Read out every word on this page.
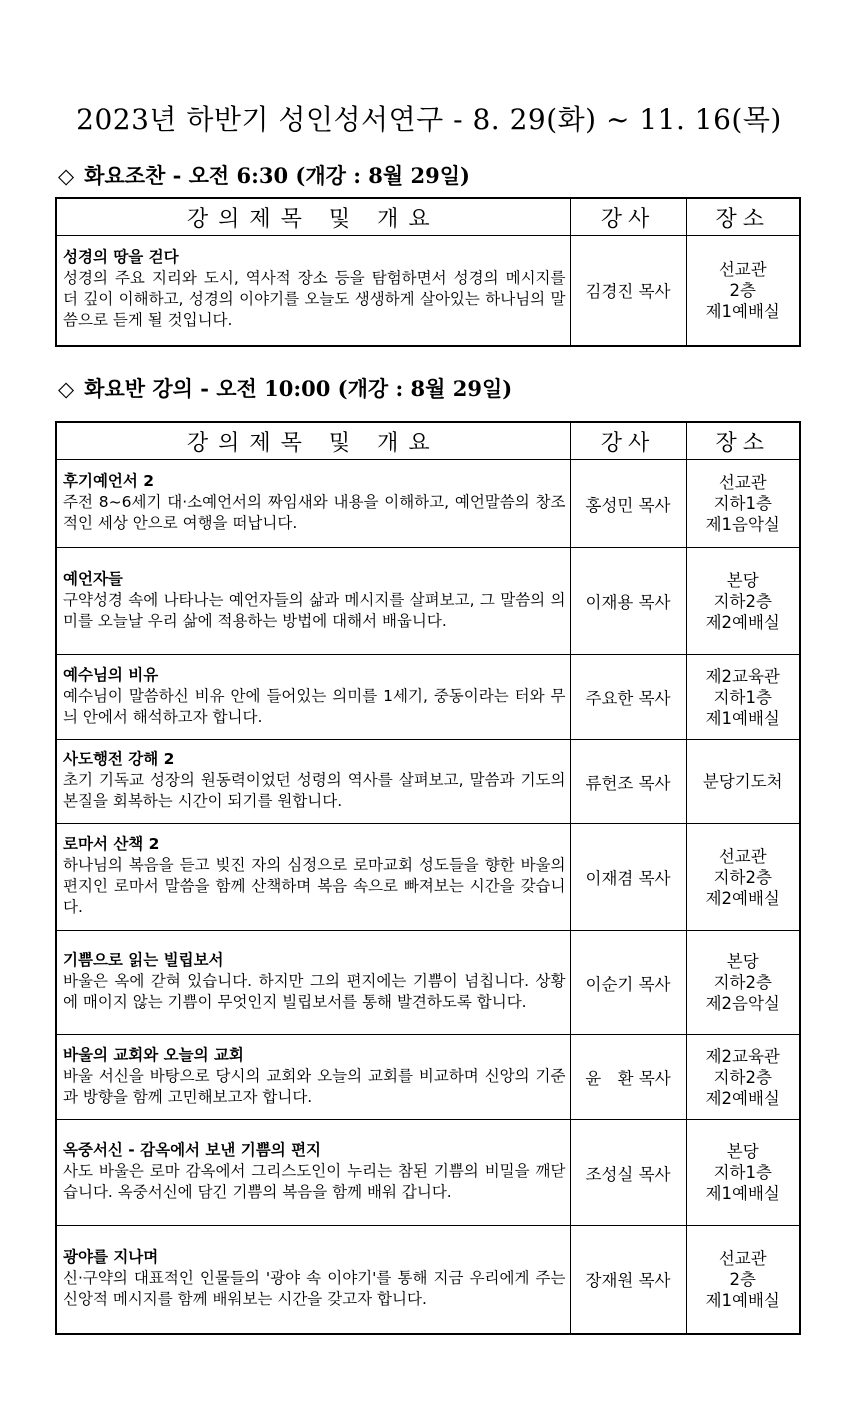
2023년 하반기 성인성서연구 - 8. 29(화) ~ 11. 16(목)
◇ 화요조찬 - 오전 6:30 (개강 : 8월 29일)
강의제목 및 개요	강사	장소

성경의 땅을 걷다
성경의 주요 지리와 도시, 역사적 장소 등을 탐험하면서 성경의 메시지를 더 깊이 이해하고, 성경의 이야기를 오늘도 생생하게 살아있는 하나님의 말씀으로 듣게 될 것입니다.	김경진 목사	선교관
2층
제1예배실
◇ 화요반 강의 - 오전 10:00 (개강 : 8월 29일)
강의제목 및 개요	강사	장소

후기예언서 2
주전 8~6세기 대·소예언서의 짜임새와 내용을 이해하고, 예언말씀의 창조적인 세상 안으로 여행을 떠납니다.	홍성민 목사	선교관
지하1층
제1음악실

예언자들
구약성경 속에 나타나는 예언자들의 삶과 메시지를 살펴보고, 그 말씀의 의미를 오늘날 우리 삶에 적용하는 방법에 대해서 배웁니다.	이재용 목사	본당
지하2층
제2예배실

예수님의 비유
예수님이 말씀하신 비유 안에 들어있는 의미를 1세기, 중동이라는 터와 무늬 안에서 해석하고자 합니다.	주요한 목사	제2교육관
지하1층
제1예배실

사도행전 강해 2
초기 기독교 성장의 원동력이었던 성령의 역사를 살펴보고, 말씀과 기도의 본질을 회복하는 시간이 되기를 원합니다.	류헌조 목사	분당기도처

로마서 산책 2
하나님의 복음을 듣고 빚진 자의 심정으로 로마교회 성도들을 향한 바울의 편지인 로마서 말씀을 함께 산책하며 복음 속으로 빠져보는 시간을 갖습니다.	이재겸 목사	선교관
지하2층
제2예배실

기쁨으로 읽는 빌립보서
바울은 옥에 갇혀 있습니다. 하지만 그의 편지에는 기쁨이 넘칩니다. 상황에 매이지 않는 기쁨이 무엇인지 빌립보서를 통해 발견하도록 합니다.	이순기 목사	본당
지하2층
제2음악실

바울의 교회와 오늘의 교회
바울 서신을 바탕으로 당시의 교회와 오늘의 교회를 비교하며 신앙의 기준과 방향을 함께 고민해보고자 합니다.	윤　환 목사	제2교육관
지하2층
제2예배실

옥중서신 - 감옥에서 보낸 기쁨의 편지
사도 바울은 로마 감옥에서 그리스도인이 누리는 참된 기쁨의 비밀을 깨닫습니다. 옥중서신에 담긴 기쁨의 복음을 함께 배워 갑니다.	조성실 목사	본당
지하1층
제1예배실

광야를 지나며
신·구약의 대표적인 인물들의 '광야 속 이야기'를 통해 지금 우리에게 주는 신앙적 메시지를 함께 배워보는 시간을 갖고자 합니다.	장재원 목사	선교관
2층
제1예배실
